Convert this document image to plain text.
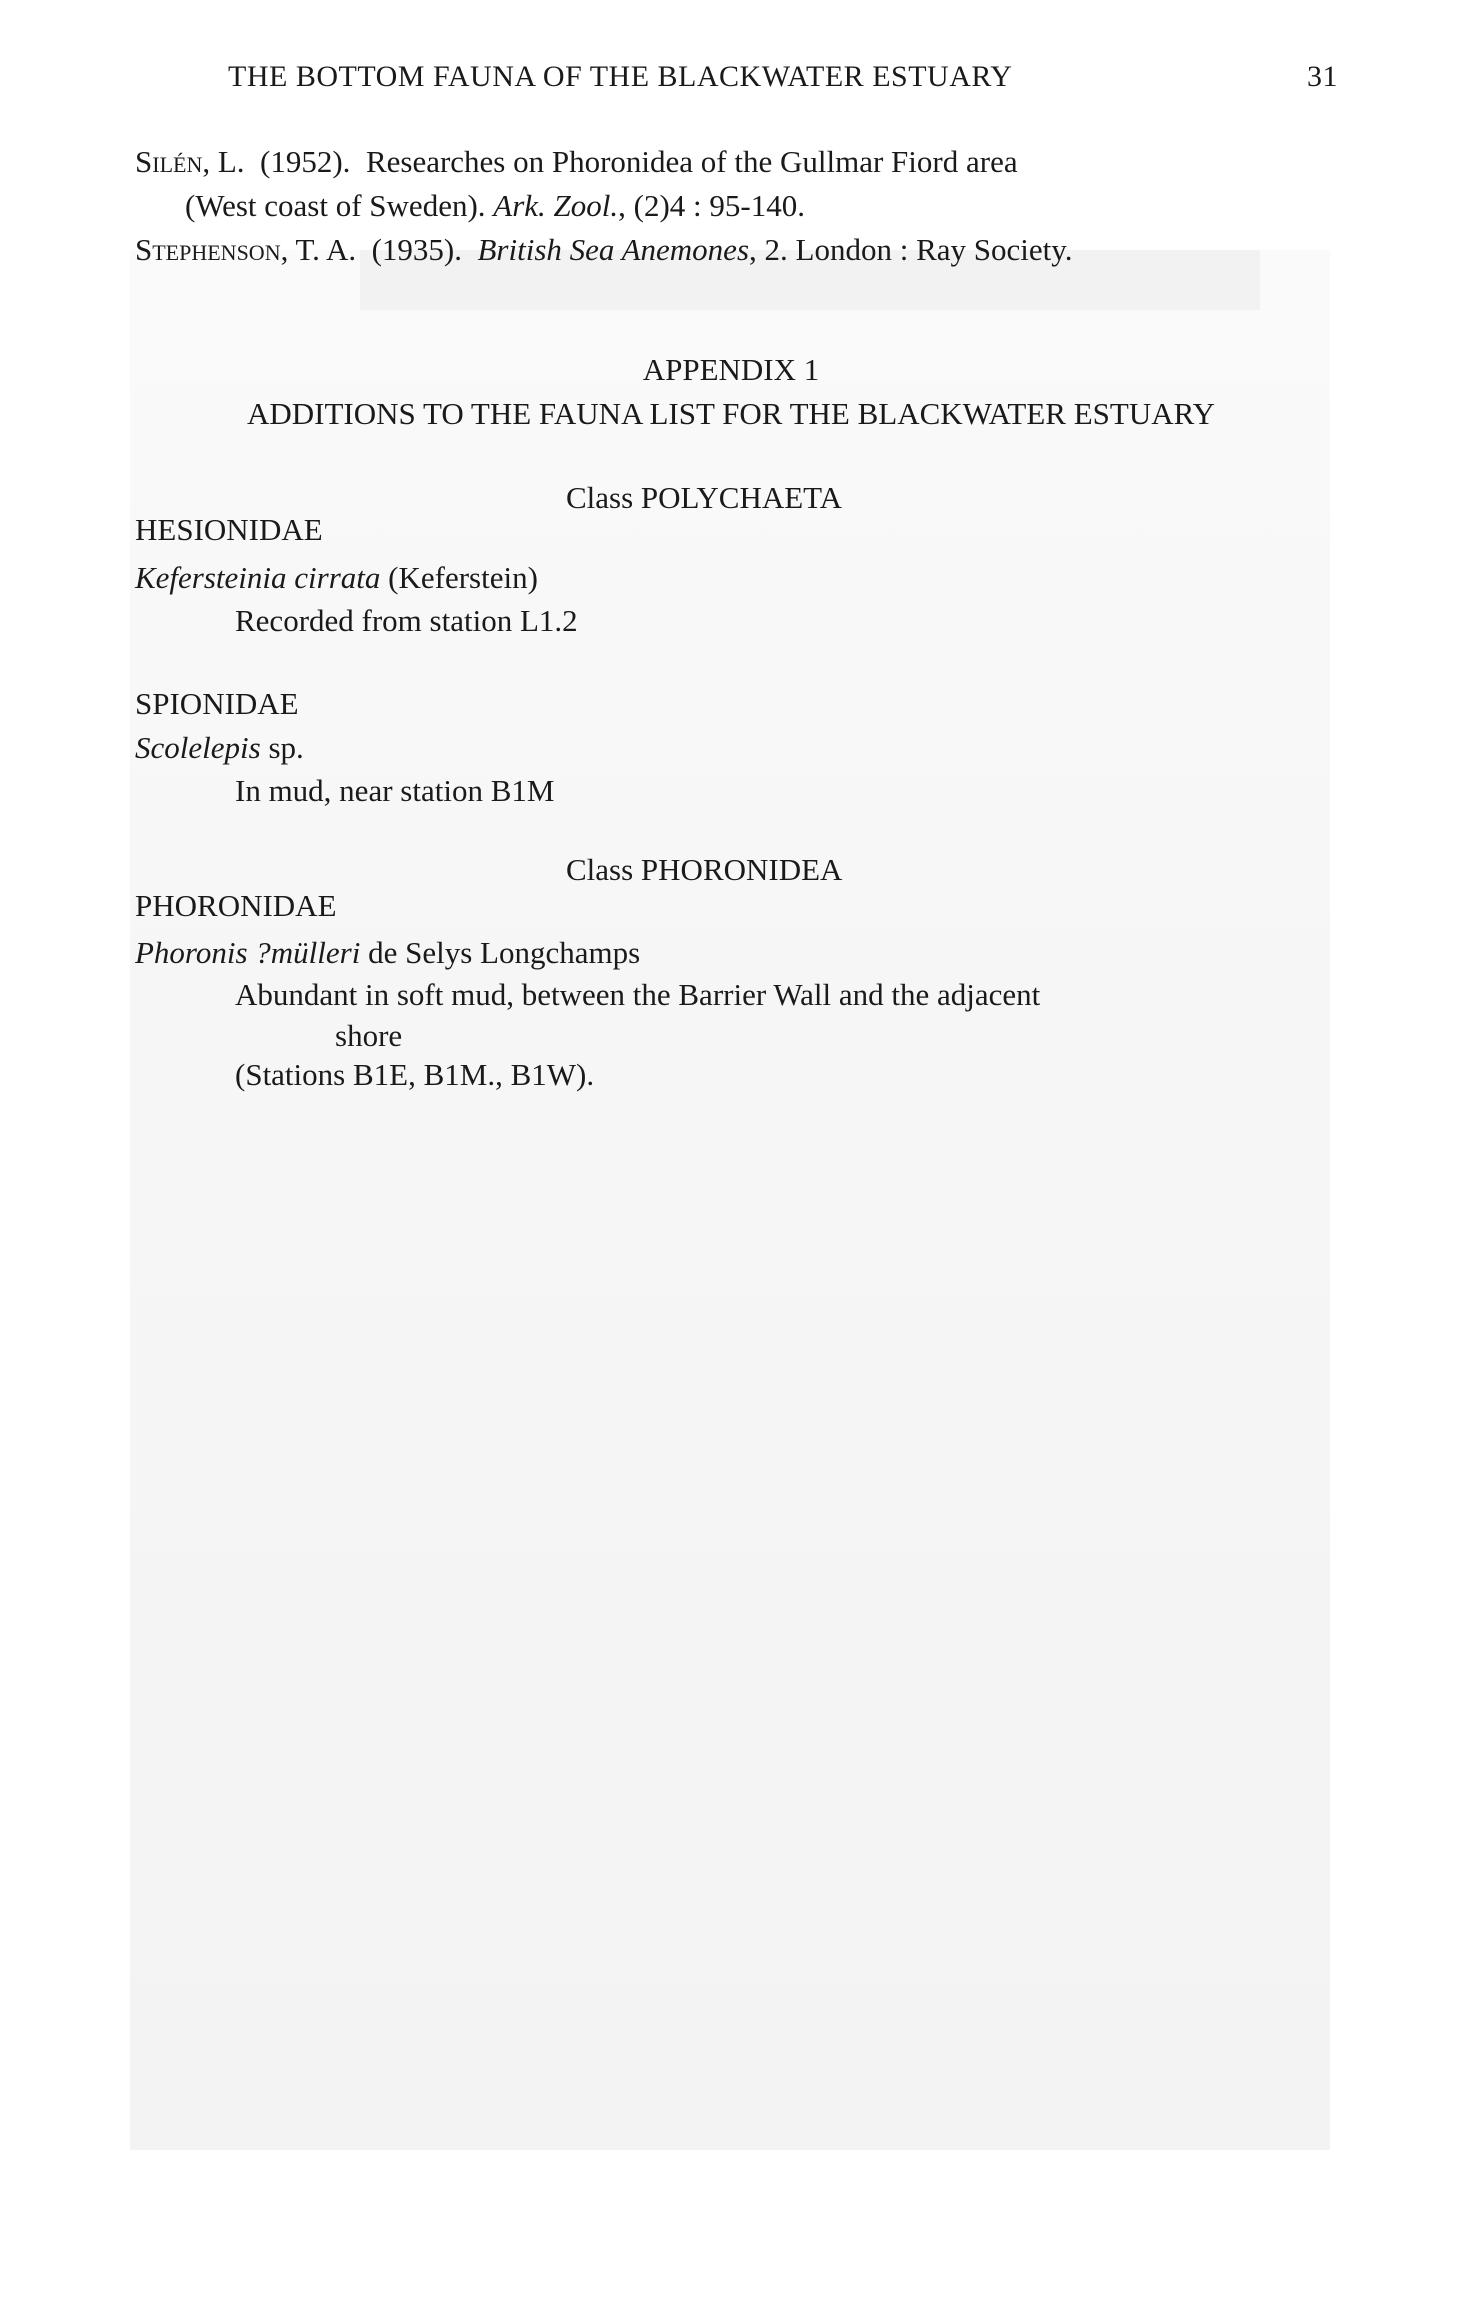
THE BOTTOM FAUNA OF THE BLACKWATER ESTUARY	31
Silén, L. (1952). Researches on Phoronidea of the Gullmar Fiord area
(West coast of Sweden). Ark. Zool., (2)4 : 95-140.
Stephenson, T. A. (1935). British Sea Anemones, 2. London : Ray Society.
APPENDIX 1
ADDITIONS TO THE FAUNA LIST FOR THE BLACKWATER ESTUARY
Class POLYCHAETA
HESIONIDAE
Kefersteinia cirrata (Keferstein)
Recorded from station L1.2
SPIONIDAE
Scolelepis sp.
In mud, near station B1M
Class PHORONIDEA
PHORONIDAE
Phoronis ?mülleri de Selys Longchamps
Abundant in soft mud, between the Barrier Wall and the adjacent
shore
(Stations B1E, B1M., B1W).
